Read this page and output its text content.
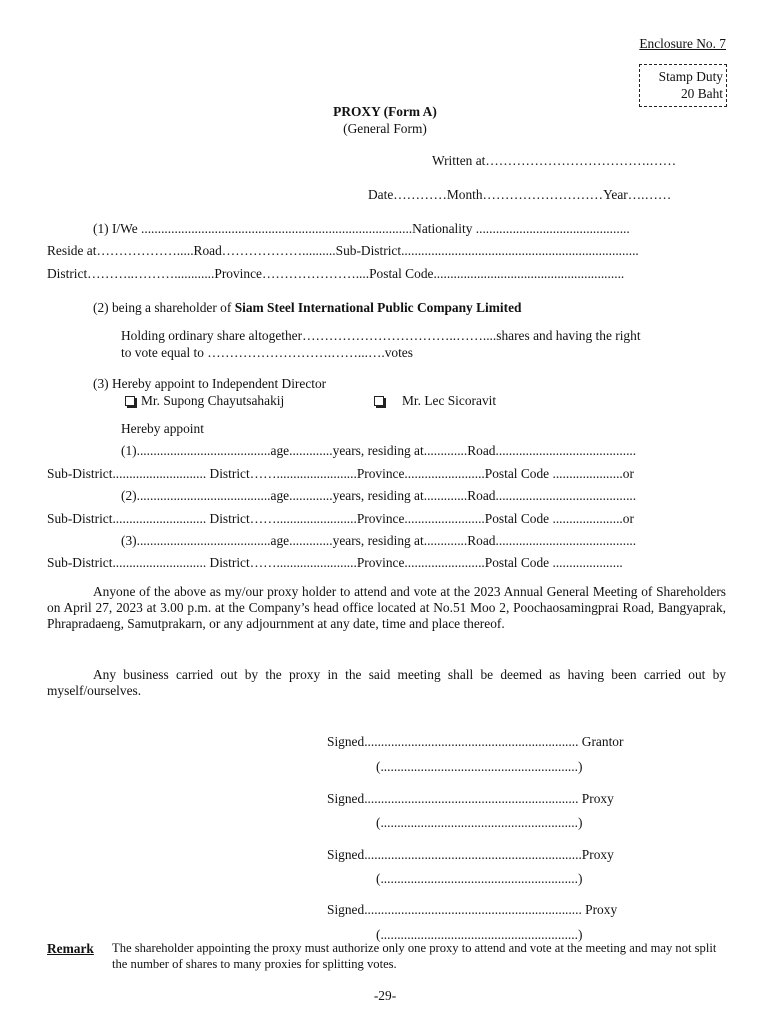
Enclosure No. 7
Stamp Duty
20 Baht
PROXY (Form A)
(General Form)
Written at……………………………….……
Date…………Month………………………Year….……
(1) I/We .................................................................................Nationality ..............................................
Reside at……………….....Road………………..........Sub-District.......................................................................
District………..………............Province…………………....Postal Code.........................................................
(2) being a shareholder of Siam Steel International Public Company Limited
Holding ordinary share altogether……………………………..……....shares and having the right
to vote equal to ……………………….……...….votes
(3) Hereby appoint to Independent Director
Mr. Supong Chayutsahakij	Mr. Lec Sicoravit
Hereby appoint
(1)........................................age.............years, residing at.............Road..........................................
Sub-District............................ District……........................Province........................Postal Code .....................or
(2)........................................age.............years, residing at.............Road..........................................
Sub-District............................ District……........................Province........................Postal Code .....................or
(3)........................................age.............years, residing at.............Road..........................................
Sub-District............................ District……........................Province........................Postal Code .....................
Anyone of the above as my/our proxy holder to attend and vote at the 2023 Annual General Meeting of Shareholders on April 27, 2023 at 3.00 p.m. at the Company’s head office located at No.51 Moo 2, Poochaosamingprai Road, Bangyaprak, Phrapradaeng, Samutprakarn, or any adjournment at any date, time and place thereof.
Any business carried out by the proxy in the said meeting shall be deemed as having been carried out by myself/ourselves.
Signed................................................................ Grantor
(...........................................................)
Signed................................................................ Proxy
(...........................................................)
Signed.................................................................Proxy
(...........................................................)
Signed................................................................. Proxy
(...........................................................)
Remark The shareholder appointing the proxy must authorize only one proxy to attend and vote at the meeting and may not split the number of shares to many proxies for splitting votes.
-29-
